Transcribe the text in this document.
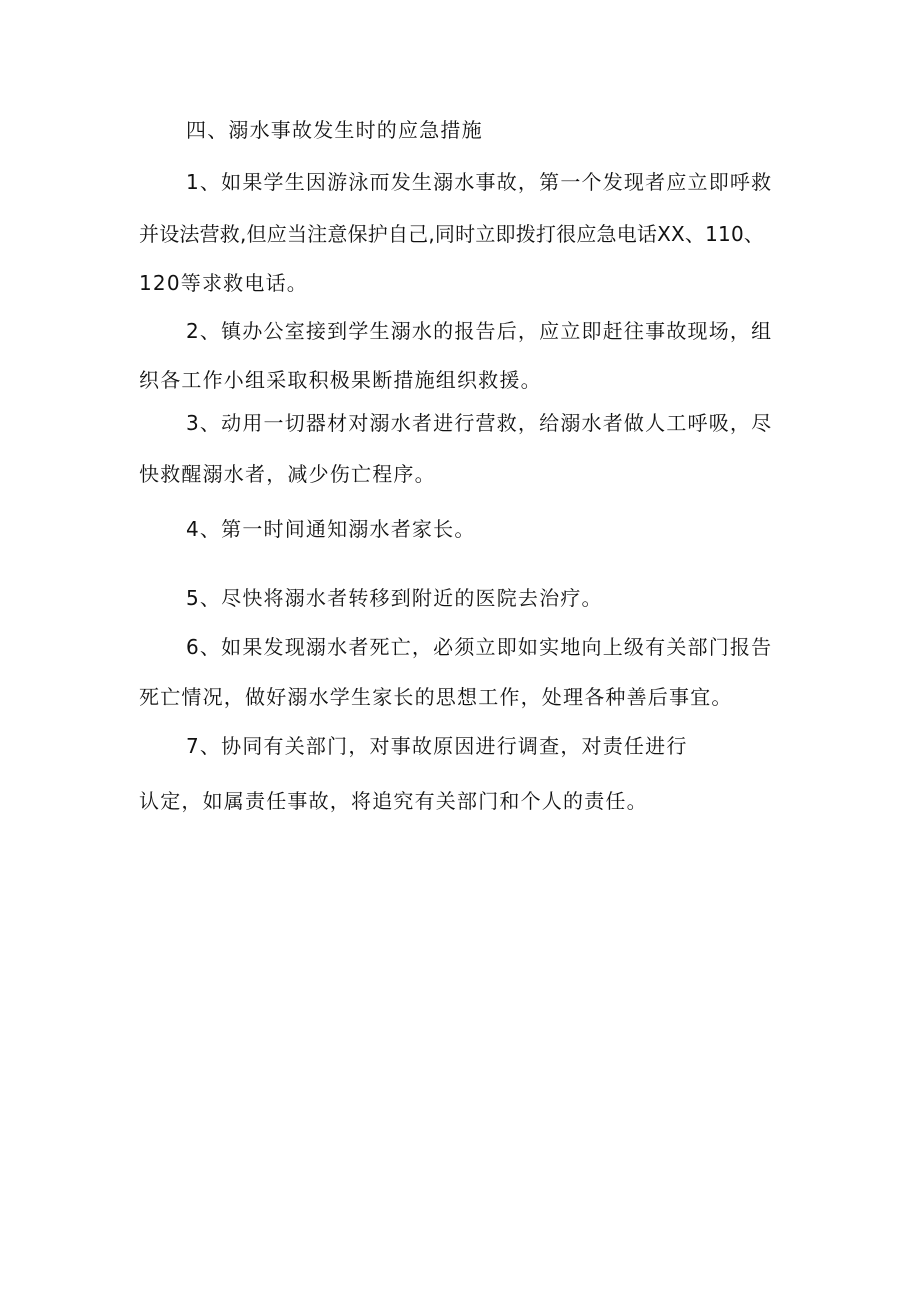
四、溺水事故发生时的应急措施
1、如果学生因游泳而发生溺水事故，第一个发现者应立即呼救
并设法营救,但应当注意保护自己,同时立即拨打很应急电话XX、110、
120等求救电话。
2、镇办公室接到学生溺水的报告后，应立即赶往事故现场，组
织各工作小组采取积极果断措施组织救援。
3、动用一切器材对溺水者进行营救，给溺水者做人工呼吸，尽
快救醒溺水者，减少伤亡程序。
4、第一时间通知溺水者家长。
5、尽快将溺水者转移到附近的医院去治疗。
6、如果发现溺水者死亡，必须立即如实地向上级有关部门报告
死亡情况，做好溺水学生家长的思想工作，处理各种善后事宜。
7、协同有关部门，对事故原因进行调查，对责任进行
认定，如属责任事故，将追究有关部门和个人的责任。
